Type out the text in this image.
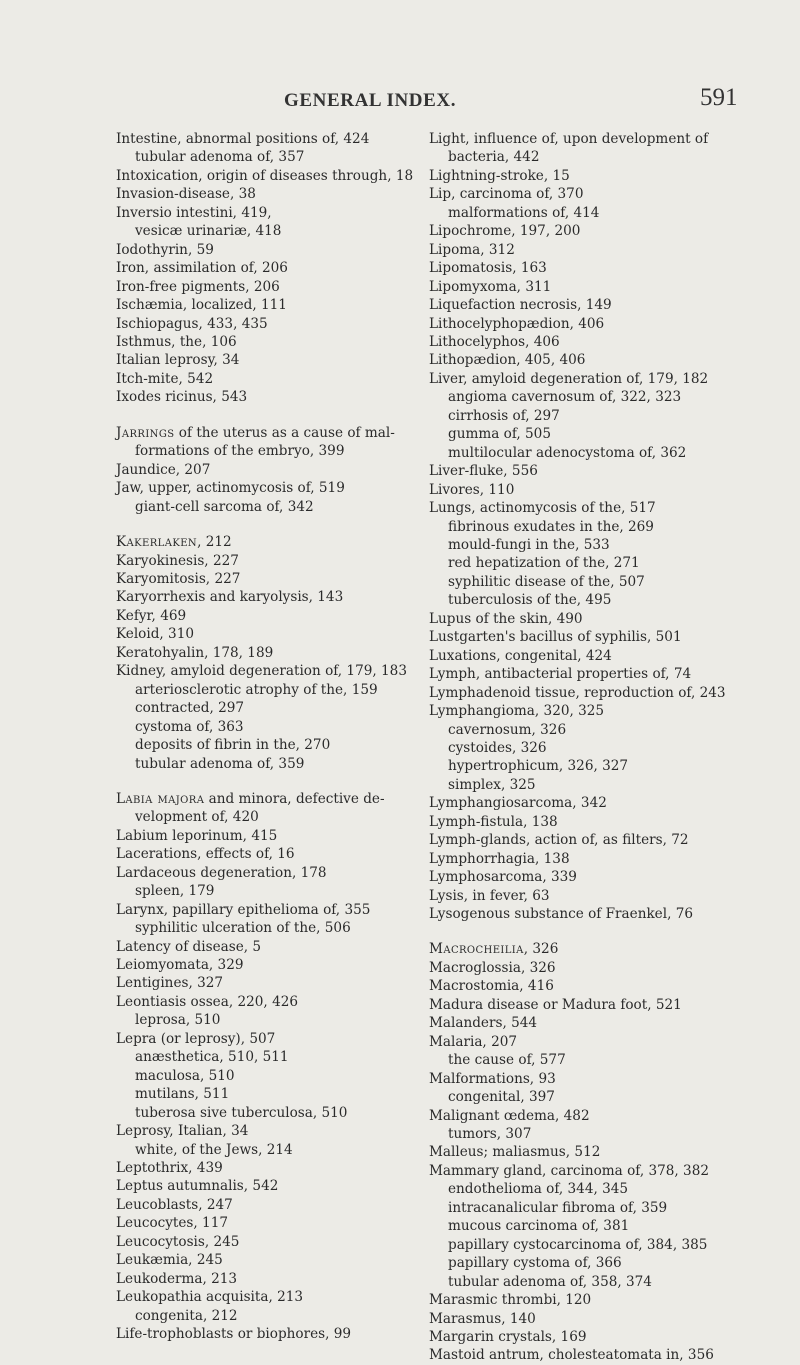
GENERAL INDEX.	591

Intestine, abnormal positions of, 424

tubular adenoma of, 357

Intoxication, origin of diseases through, 18

Invasion-disease, 38

Inversio intestini, 419,

vesicæ urinariæ, 418

Iodothyrin, 59

Iron, assimilation of, 206

Iron-free pigments, 206

Ischæmia, localized, 111

Ischiopagus, 433, 435

Isthmus, the, 106

Italian leprosy, 34

Itch-mite, 542

Ixodes ricinus, 543

Jarrings of the uterus as a cause of mal-

formations of the embryo, 399

Jaundice, 207

Jaw, upper, actinomycosis of, 519

giant-cell sarcoma of, 342

Kakerlaken, 212

Karyokinesis, 227

Karyomitosis, 227

Karyorrhexis and karyolysis, 143

Kefyr, 469

Keloid, 310

Keratohyalin, 178, 189

Kidney, amyloid degeneration of, 179, 183

arteriosclerotic atrophy of the, 159

contracted, 297

cystoma of, 363

deposits of fibrin in the, 270

tubular adenoma of, 359

Labia majora and minora, defective de-

velopment of, 420

Labium leporinum, 415

Lacerations, effects of, 16

Lardaceous degeneration, 178

spleen, 179

Larynx, papillary epithelioma of, 355

syphilitic ulceration of the, 506

Latency of disease, 5

Leiomyomata, 329

Lentigines, 327

Leontiasis ossea, 220, 426

leprosa, 510

Lepra (or leprosy), 507

anæsthetica, 510, 511

maculosa, 510

mutilans, 511

tuberosa sive tuberculosa, 510

Leprosy, Italian, 34

white, of the Jews, 214

Leptothrix, 439

Leptus autumnalis, 542

Leucoblasts, 247

Leucocytes, 117

Leucocytosis, 245

Leukæmia, 245

Leukoderma, 213

Leukopathia acquisita, 213

congenita, 212

Life-trophoblasts or biophores, 99

Light, influence of, upon development of

bacteria, 442

Lightning-stroke, 15

Lip, carcinoma of, 370

malformations of, 414

Lipochrome, 197, 200

Lipoma, 312

Lipomatosis, 163

Lipomyxoma, 311

Liquefaction necrosis, 149

Lithocelyphopædion, 406

Lithocelyphos, 406

Lithopædion, 405, 406

Liver, amyloid degeneration of, 179, 182

angioma cavernosum of, 322, 323

cirrhosis of, 297

gumma of, 505

multilocular adenocystoma of, 362

Liver-fluke, 556

Livores, 110

Lungs, actinomycosis of the, 517

fibrinous exudates in the, 269

mould-fungi in the, 533

red hepatization of the, 271

syphilitic disease of the, 507

tuberculosis of the, 495

Lupus of the skin, 490

Lustgarten's bacillus of syphilis, 501

Luxations, congenital, 424

Lymph, antibacterial properties of, 74

Lymphadenoid tissue, reproduction of, 243

Lymphangioma, 320, 325

cavernosum, 326

cystoides, 326

hypertrophicum, 326, 327

simplex, 325

Lymphangiosarcoma, 342

Lymph-fistula, 138

Lymph-glands, action of, as filters, 72

Lymphorrhagia, 138

Lymphosarcoma, 339

Lysis, in fever, 63

Lysogenous substance of Fraenkel, 76

Macrocheilia, 326

Macroglossia, 326

Macrostomia, 416

Madura disease or Madura foot, 521

Malanders, 544

Malaria, 207

the cause of, 577

Malformations, 93

congenital, 397

Malignant œdema, 482

tumors, 307

Malleus; maliasmus, 512

Mammary gland, carcinoma of, 378, 382

endothelioma of, 344, 345

intracanalicular fibroma of, 359

mucous carcinoma of, 381

papillary cystocarcinoma of, 384, 385

papillary cystoma of, 366

tubular adenoma of, 358, 374

Marasmic thrombi, 120

Marasmus, 140

Margarin crystals, 169

Mastoid antrum, cholesteatomata in, 356
